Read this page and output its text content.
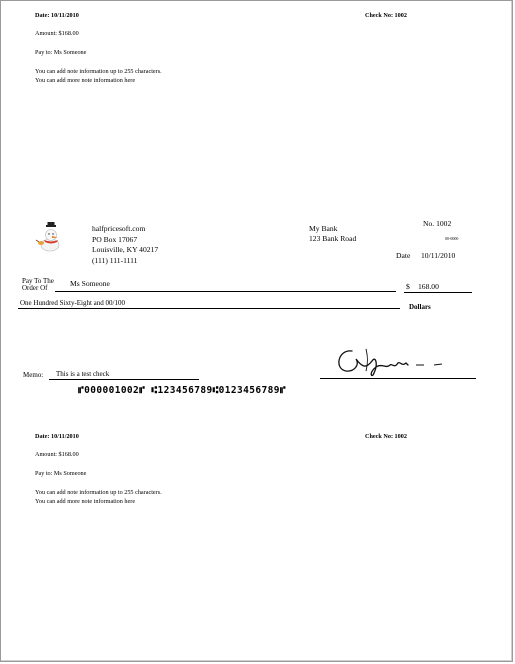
Date: 10/11/2010	Check No: 1002
Amount: $168.00
Pay to: Ms Someone
You can add note information up to 255 characters.
You can add more note information here
halfpricesoft.com
PO Box 17067
Louisville, KY 40217
(111) 111-1111
My Bank
123 Bank Road
No. 1002
00-0000
Date 10/11/2010
Pay To The
Order Of	Ms Someone	$ 168.00
One Hundred Sixty-Eight and 00/100	Dollars
Memo: This is a test check
⑈000001002⑈ ⑆123456789⑆0123456789⑈
Date: 10/11/2010	Check No: 1002
Amount: $168.00
Pay to: Ms Someone
You can add note information up to 255 characters.
You can add more note information here
